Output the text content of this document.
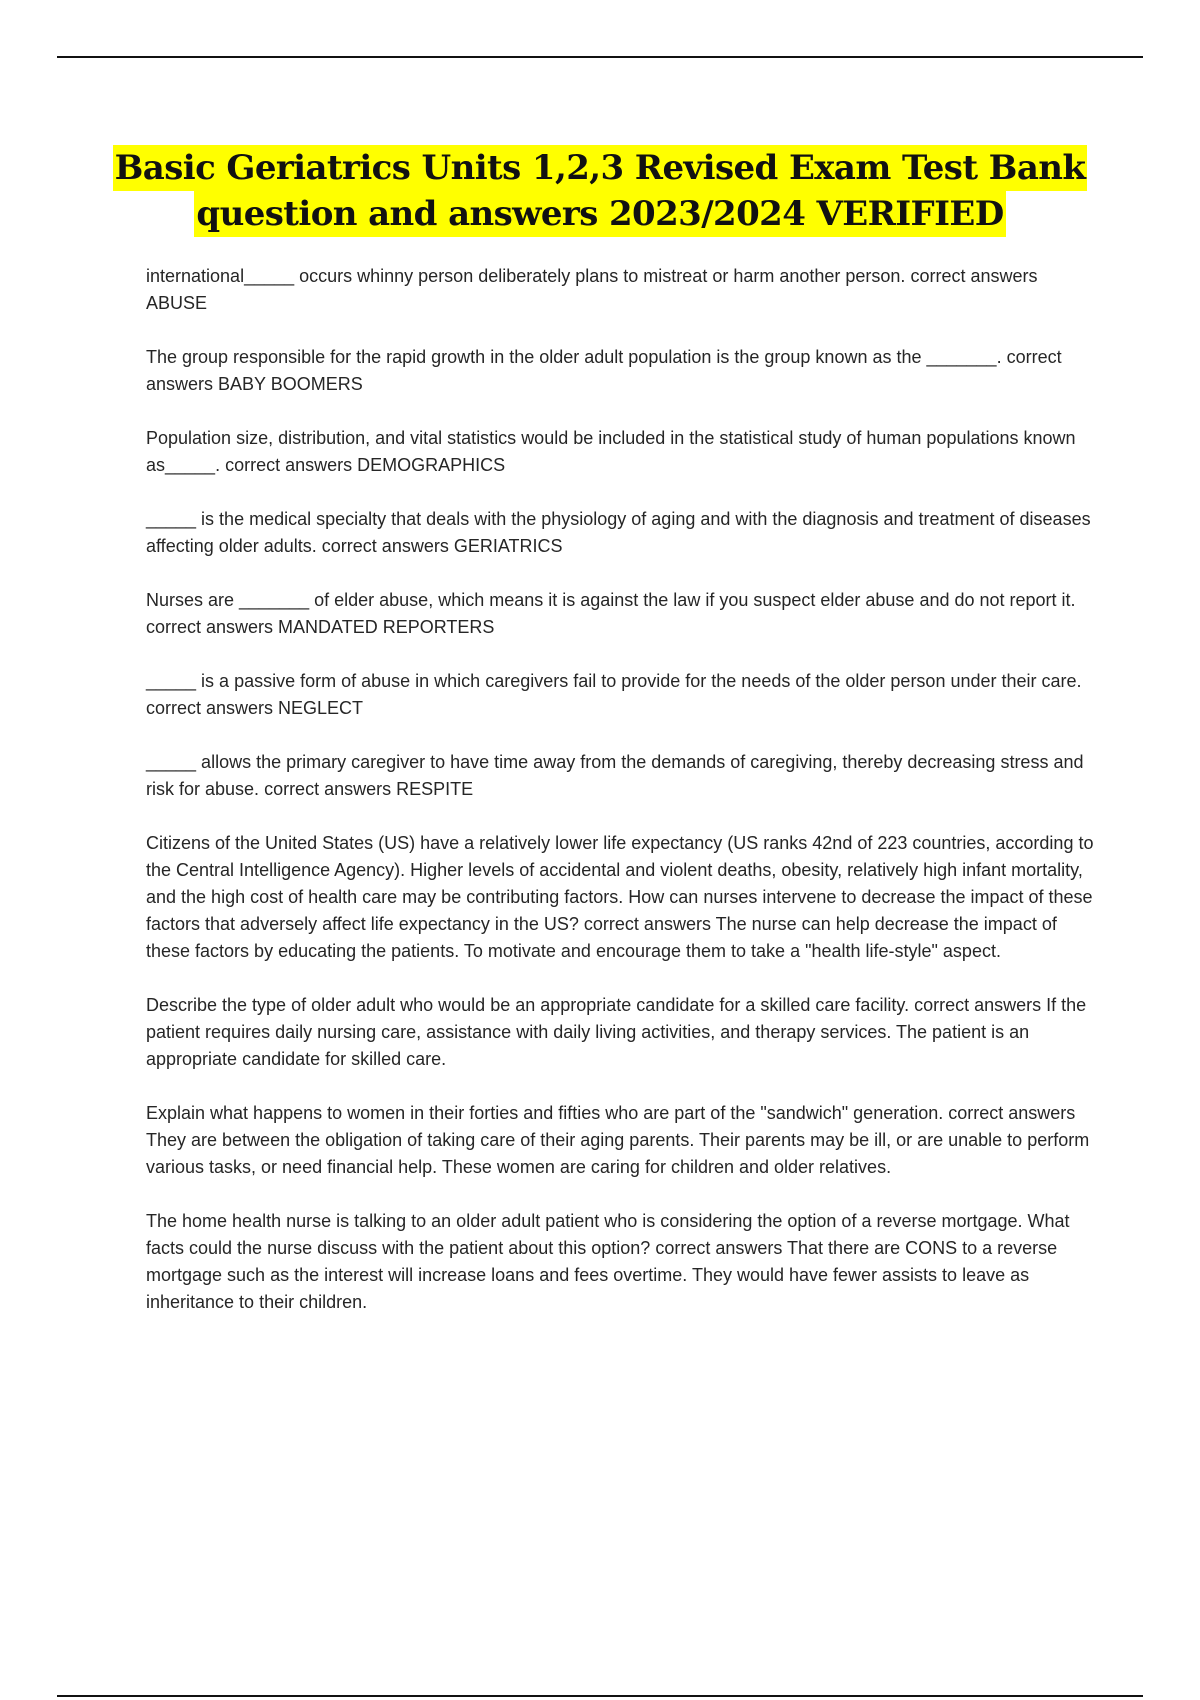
Basic Geriatrics Units 1,2,3 Revised Exam Test Bank
question and answers 2023/2024 VERIFIED

international_____ occurs whinny person deliberately plans to mistreat or harm another person. correct answers ABUSE

The group responsible for the rapid growth in the older adult population is the group known as the _______. correct answers BABY BOOMERS

Population size, distribution, and vital statistics would be included in the statistical study of human populations known as_____. correct answers DEMOGRAPHICS

_____ is the medical specialty that deals with the physiology of aging and with the diagnosis and treatment of diseases affecting older adults. correct answers GERIATRICS

Nurses are _______ of elder abuse, which means it is against the law if you suspect elder abuse and do not report it. correct answers MANDATED REPORTERS

_____ is a passive form of abuse in which caregivers fail to provide for the needs of the older person under their care. correct answers NEGLECT

_____ allows the primary caregiver to have time away from the demands of caregiving, thereby decreasing stress and risk for abuse. correct answers RESPITE

Citizens of the United States (US) have a relatively lower life expectancy (US ranks 42nd of 223 countries, according to the Central Intelligence Agency). Higher levels of accidental and violent deaths, obesity, relatively high infant mortality, and the high cost of health care may be contributing factors. How can nurses intervene to decrease the impact of these factors that adversely affect life expectancy in the US? correct answers The nurse can help decrease the impact of these factors by educating the patients. To motivate and encourage them to take a "health life-style" aspect.

Describe the type of older adult who would be an appropriate candidate for a skilled care facility. correct answers If the patient requires daily nursing care, assistance with daily living activities, and therapy services. The patient is an appropriate candidate for skilled care.

Explain what happens to women in their forties and fifties who are part of the "sandwich" generation. correct answers They are between the obligation of taking care of their aging parents. Their parents may be ill, or are unable to perform various tasks, or need financial help. These women are caring for children and older relatives.

The home health nurse is talking to an older adult patient who is considering the option of a reverse mortgage. What facts could the nurse discuss with the patient about this option? correct answers That there are CONS to a reverse mortgage such as the interest will increase loans and fees overtime. They would have fewer assists to leave as inheritance to their children.
